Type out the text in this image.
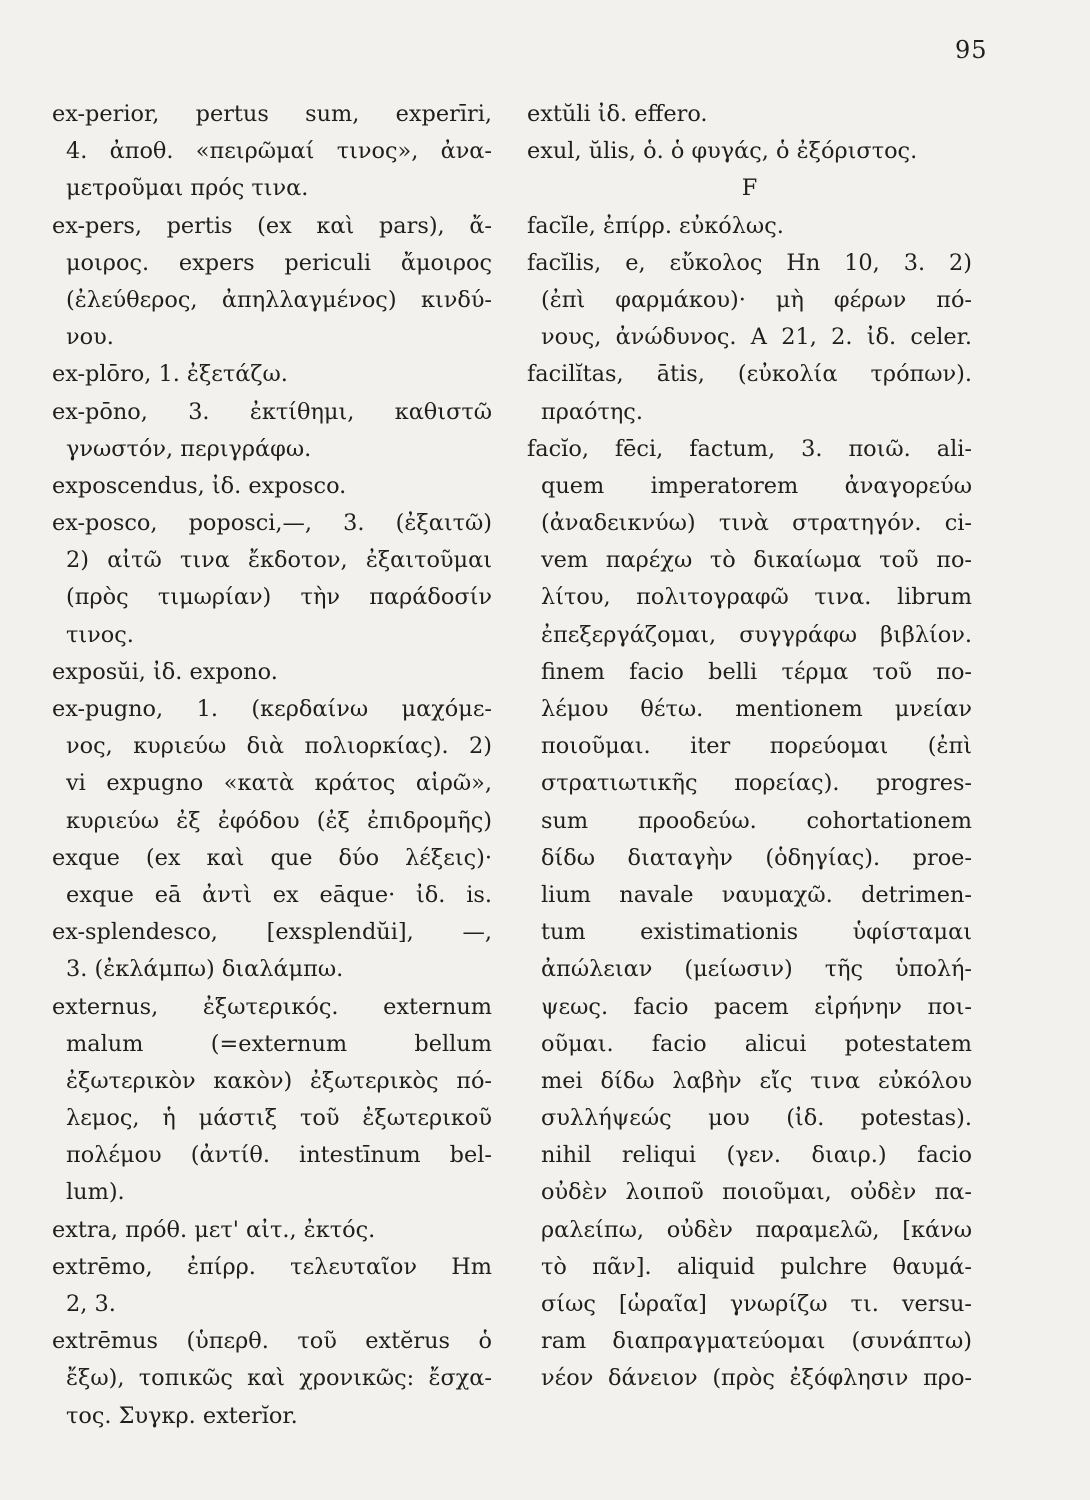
95
ex-perior, pertus sum, experīri,
4. ἀποθ. «πειρῶμαί τινος», ἀνα-
μετροῦμαι πρός τινα.
ex-pers, pertis (ex καὶ pars), ἄ-
μοιρος. expers periculi ἄμοιρος
(ἐλεύθερος, ἀπηλλαγμένος) κινδύ-
νου.
ex-plōro, 1. ἐξετάζω.
ex-pōno, 3. ἐκτίθημι, καθιστῶ
γνωστόν, περιγράφω.
exposcendus, ἰδ. exposco.
ex-posco, poposci,—, 3. (ἐξαιτῶ)
2) αἰτῶ τινα ἔκδοτον, ἐξαιτοῦμαι
(πρὸς τιμωρίαν) τὴν παράδοσίν
τινος.
exposŭi, ἰδ. expono.
ex-pugno, 1. (κερδαίνω μαχόμε-
νος, κυριεύω διὰ πολιορκίας). 2)
vi expugno «κατὰ κράτος αἱρῶ»,
κυριεύω ἐξ ἐφόδου (ἐξ ἐπιδρομῆς)
exque (ex καὶ que δύο λέξεις)·
exque eā ἀντὶ ex eāque· ἰδ. is.
ex-splendesco, [exsplendŭi], —,
3. (ἐκλάμπω) διαλάμπω.
externus, ἐξωτερικός. externum
malum (=externum bellum
ἐξωτερικὸν κακὸν) ἐξωτερικὸς πό-
λεμος, ἡ μάστιξ τοῦ ἐξωτερικοῦ
πολέμου (ἀντίθ. intestīnum bel-
lum).
extra, πρόθ. μετ' αἰτ., ἐκτός.
extrēmo, ἐπίρρ. τελευταῖον Hm
2, 3.
extrēmus (ὑπερθ. τοῦ extĕrus ὁ
ἔξω), τοπικῶς καὶ χρονικῶς: ἔσχα-
τος. Συγκρ. exterĭor.
extŭli ἰδ. effero.
exul, ŭlis, ὁ. ὁ φυγάς, ὁ ἐξόριστος.
F
facĭle, ἐπίρρ. εὐκόλως.
facĭlis, e, εὔκολος Hn 10, 3. 2)
(ἐπὶ φαρμάκου)· μὴ φέρων πό-
νους, ἀνώδυνος. A 21, 2. ἰδ. celer.
facilĭtas, ātis, (εὐκολία τρόπων).
πραότης.
facĭo, fēci, factum, 3. ποιῶ. ali-
quem imperatorem ἀναγορεύω
(ἀναδεικνύω) τινὰ στρατηγόν. ci-
vem παρέχω τὸ δικαίωμα τοῦ πο-
λίτου, πολιτογραφῶ τινα. librum
ἐπεξεργάζομαι, συγγράφω βιβλίον.
finem facio belli τέρμα τοῦ πο-
λέμου θέτω. mentionem μνείαν
ποιοῦμαι. iter πορεύομαι (ἐπὶ
στρατιωτικῆς πορείας). progres-
sum προοδεύω. cohortationem
δίδω διαταγὴν (ὁδηγίας). proe-
lium navale ναυμαχῶ. detrimen-
tum existimationis ὑφίσταμαι
ἀπώλειαν (μείωσιν) τῆς ὑπολή-
ψεως. facio pacem εἰρήνην ποι-
οῦμαι. facio alicui potestatem
mei δίδω λαβὴν εἴς τινα εὐκόλου
συλλήψεώς μου (ἰδ. potestas).
nihil reliqui (γεν. διαιρ.) facio
οὐδὲν λοιποῦ ποιοῦμαι, οὐδὲν πα-
ραλείπω, οὐδὲν παραμελῶ, [κάνω
τὸ πᾶν]. aliquid pulchre θαυμά-
σίως [ὡραῖα] γνωρίζω τι. versu-
ram διαπραγματεύομαι (συνάπτω)
νέον δάνειον (πρὸς ἐξόφλησιν προ-
